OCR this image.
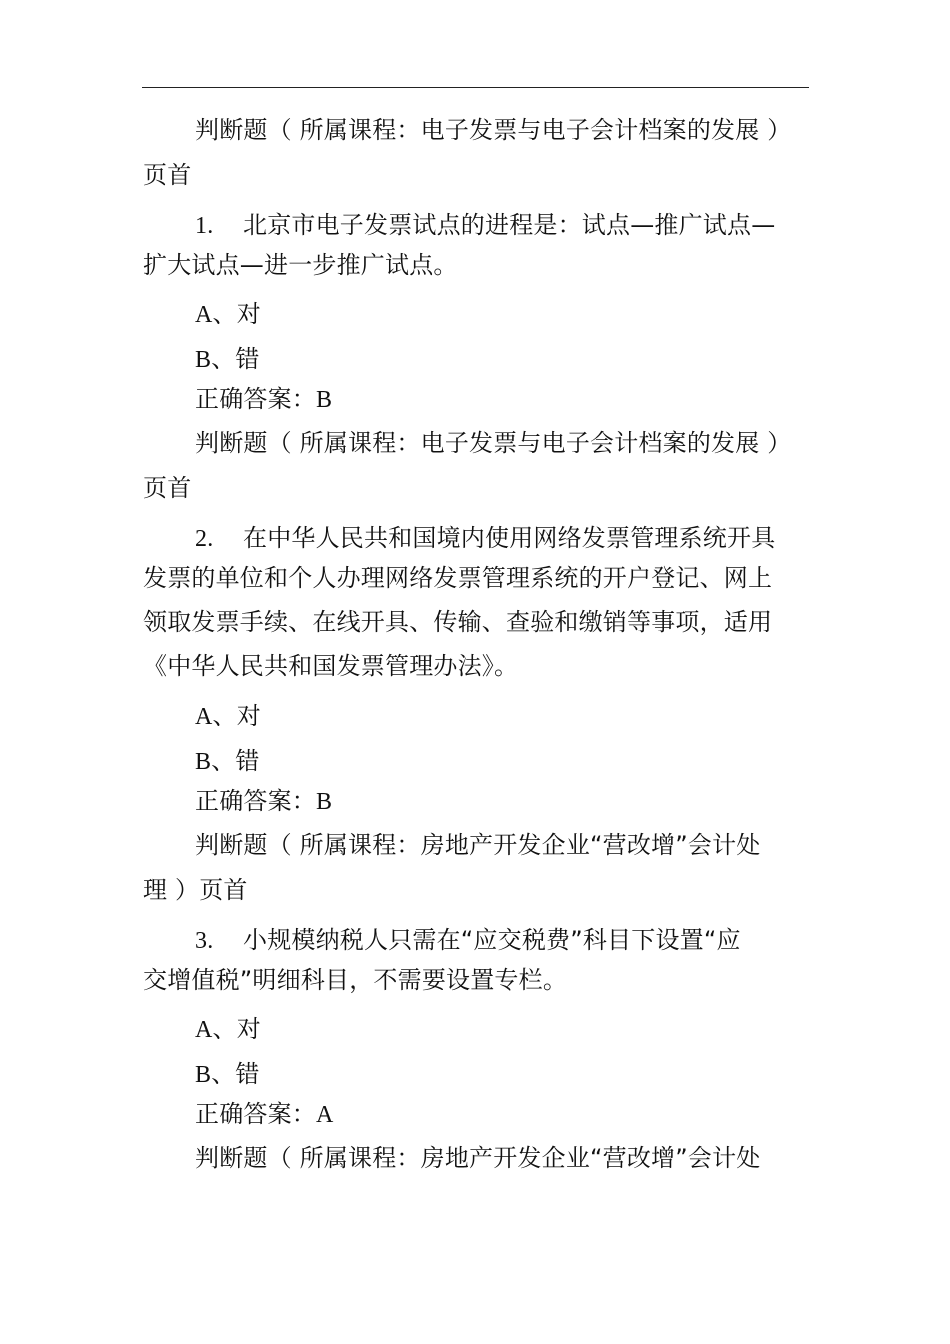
判断题（ 所属课程：电子发票与电子会计档案的发展 ）
页首
1. 北京市电子发票试点的进程是：试点—推广试点—
扩大试点—进一步推广试点。
A、对
B、错
正确答案：B
判断题（ 所属课程：电子发票与电子会计档案的发展 ）
页首
2. 在中华人民共和国境内使用网络发票管理系统开具
发票的单位和个人办理网络发票管理系统的开户登记、网上
领取发票手续、在线开具、传输、查验和缴销等事项，适用
《中华人民共和国发票管理办法》。
A、对
B、错
正确答案：B
判断题（ 所属课程：房地产开发企业“营改增”会计处
理 ）页首
3. 小规模纳税人只需在“应交税费”科目下设置“应
交增值税”明细科目，不需要设置专栏。
A、对
B、错
正确答案：A
判断题（ 所属课程：房地产开发企业“营改增”会计处
